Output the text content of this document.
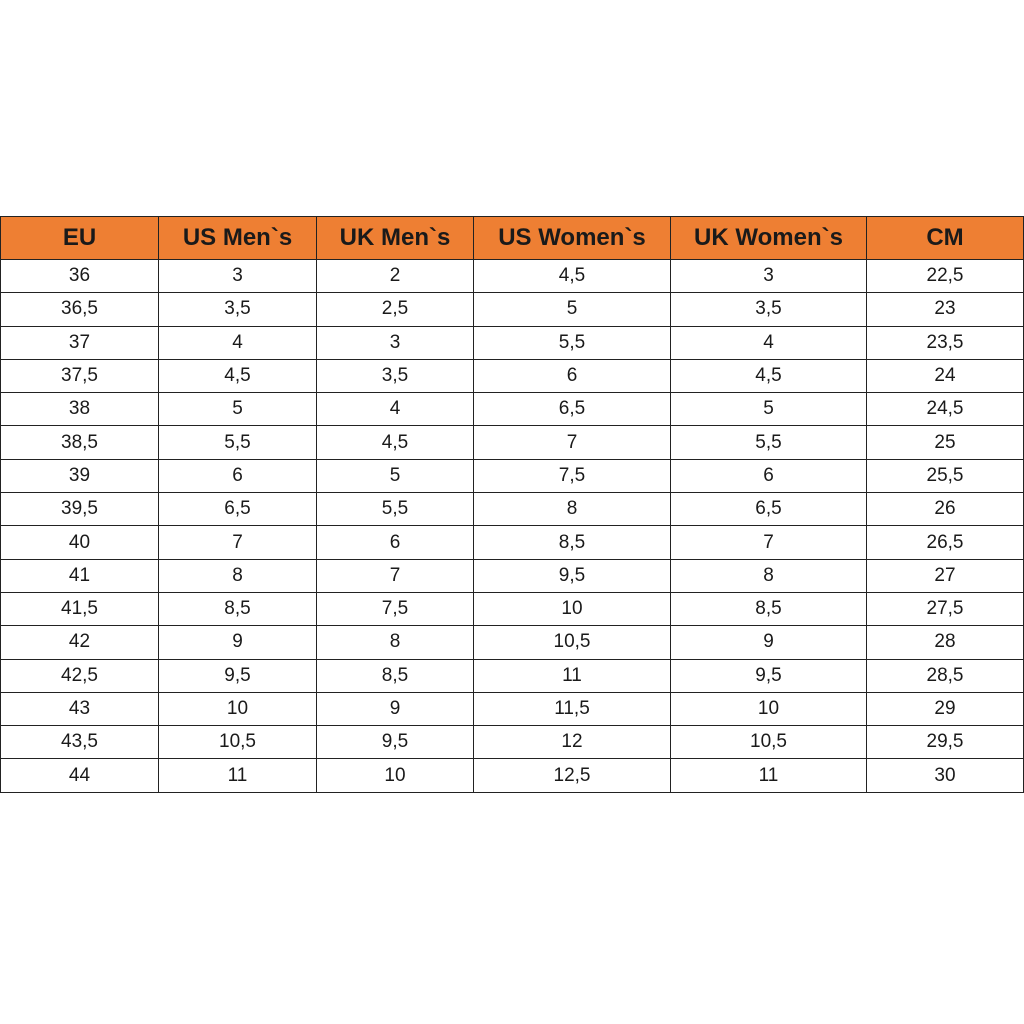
EU	US Men`s	UK Men`s	US Women`s	UK Women`s	CM
36	3	2	4,5	3	22,5
36,5	3,5	2,5	5	3,5	23
37	4	3	5,5	4	23,5
37,5	4,5	3,5	6	4,5	24
38	5	4	6,5	5	24,5
38,5	5,5	4,5	7	5,5	25
39	6	5	7,5	6	25,5
39,5	6,5	5,5	8	6,5	26
40	7	6	8,5	7	26,5
41	8	7	9,5	8	27
41,5	8,5	7,5	10	8,5	27,5
42	9	8	10,5	9	28
42,5	9,5	8,5	11	9,5	28,5
43	10	9	11,5	10	29
43,5	10,5	9,5	12	10,5	29,5
44	11	10	12,5	11	30
